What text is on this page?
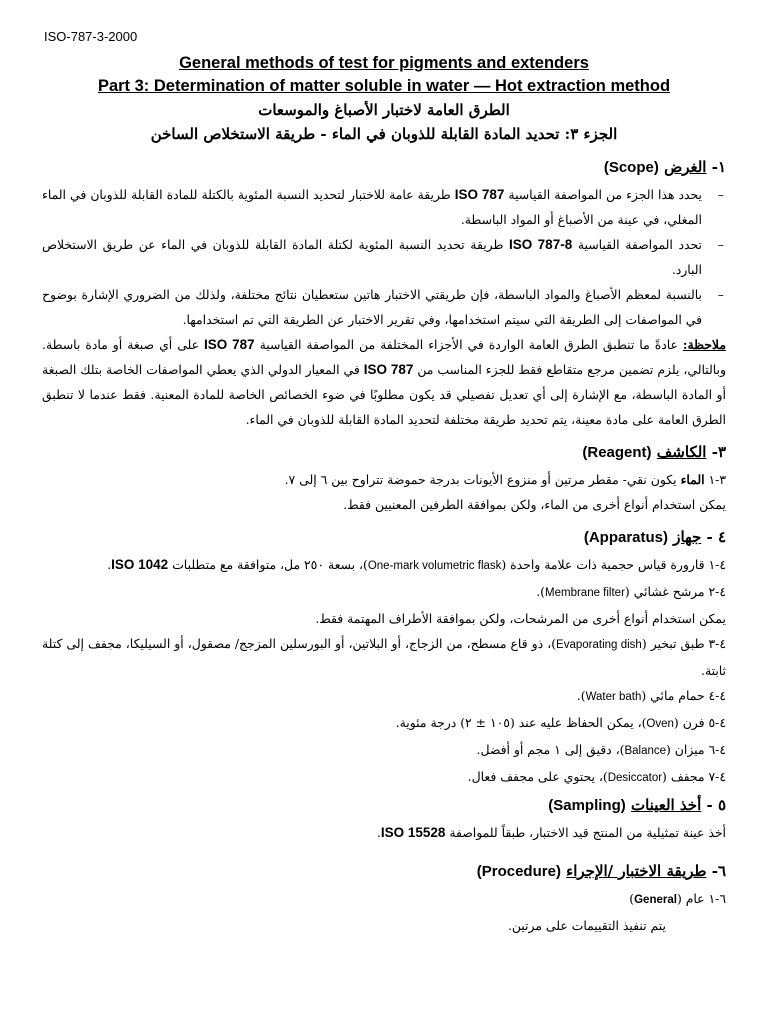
ISO-787-3-2000
General methods of test for pigments and extenders
Part 3: Determination of matter soluble in water — Hot extraction method
الطرق العامة لاختبار الأصباغ والموسعات
الجزء ٣: تحديد المادة القابلة للذوبان في الماء - طريقة الاستخلاص الساخن
١- الغرض (Scope)
–
يحدد هذا الجزء من المواصفة القياسية ISO 787 طريقة عامة للاختبار لتحديد النسبة المئوية بالكتلة للمادة القابلة للذوبان في الماء المغلي، في عينة من الأصباغ أو المواد الباسطة.
–
تحدد المواصفة القياسية ISO 787-8 طريقة تحديد النسبة المئوية لكتلة المادة القابلة للذوبان في الماء عن طريق الاستخلاص البارد.
–
بالنسبة لمعظم الأصباغ والمواد الباسطة، فإن طريقتي الاختبار هاتين ستعطيان نتائج مختلفة، ولذلك من الضروري الإشارة بوضوح في المواصفات إلى الطريقة التي سيتم استخدامها، وفي تقرير الاختبار عن الطريقة التي تم استخدامها.
ملاحظة: عادةً ما تنطبق الطرق العامة الواردة في الأجزاء المختلفة من المواصفة القياسية ISO 787 على أي صبغة أو مادة باسطة. وبالتالي، يلزم تضمين مرجع متقاطع فقط للجزء المناسب من ISO 787 في المعيار الدولي الذي يعطي المواصفات الخاصة بتلك الصبغة أو المادة الباسطة، مع الإشارة إلى أي تعديل تفصيلي قد يكون مطلوبًا في ضوء الخصائص الخاصة للمادة المعنية. فقط عندما لا تنطبق الطرق العامة على مادة معينة، يتم تحديد طريقة مختلفة لتحديد المادة القابلة للذوبان في الماء.
٣- الكاشف (Reagent)
٣-١ الماء يكون نقي- مقطر مرتين أو منزوع الأيونات بدرجة حموضة تتراوح بين ٦ إلى ٧.
يمكن استخدام أنواع أخرى من الماء، ولكن بموافقة الطرفين المعنيين فقط.
٤ - جهاز (Apparatus)
٤-١ قارورة قياس حجمية ذات علامة واحدة (One-mark volumetric flask)، بسعة ٢٥٠ مل، متوافقة مع متطلبات ISO 1042.
٤-٢ مرشح غشائي (Membrane filter).
يمكن استخدام أنواع أخرى من المرشحات، ولكن بموافقة الأطراف المهتمة فقط.
٤-٣ طبق تبخير (Evaporating dish)، ذو قاع مسطح، من الزجاج، أو البلاتين، أو البورسلين المزجج/ مصقول، أو السيليكا، مجفف إلى كتلة ثابتة.
٤-٤ حمام مائي (Water bath).
٤-٥ فرن (Oven)، يمكن الحفاظ عليه عند (١٠٥ ± ٢) درجة مئوية.
٤-٦ ميزان (Balance)، دقيق إلى ١ مجم أو أفضل.
٤-٧ مجفف (Desiccator)، يحتوي على مجفف فعال.
٥ - أخذ العينات (Sampling)
أخذ عينة تمثيلية من المنتج قيد الاختبار، طبقاً للمواصفة ISO 15528.
٦- طريقة الاختبار /الإجراء (Procedure)
٦-١ عام (General)
يتم تنفيذ التقييمات على مرتين.
